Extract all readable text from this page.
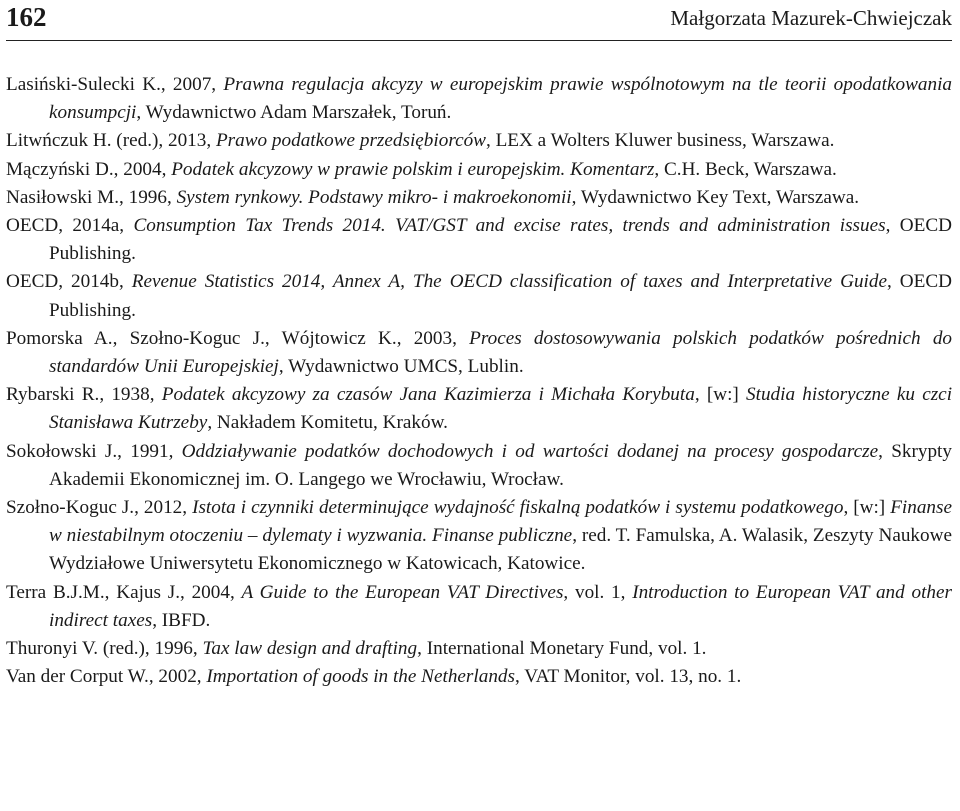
162	Małgorzata Mazurek-Chwiejczak

Lasiński-Sulecki K., 2007, Prawna regulacja akcyzy w europejskim prawie wspólnotowym na tle teorii opodatkowania konsumpcji, Wydawnictwo Adam Marszałek, Toruń.

Litwńczuk H. (red.), 2013, Prawo podatkowe przedsiębiorców, LEX a Wolters Kluwer business, Warszawa.

Mączyński D., 2004, Podatek akcyzowy w prawie polskim i europejskim. Komentarz, C.H. Beck, Warszawa.

Nasiłowski M., 1996, System rynkowy. Podstawy mikro- i makroekonomii, Wydawnictwo Key Text, Warszawa.

OECD, 2014a, Consumption Tax Trends 2014. VAT/GST and excise rates, trends and administration issues, OECD Publishing.

OECD, 2014b, Revenue Statistics 2014, Annex A, The OECD classification of taxes and Interpretative Guide, OECD Publishing.

Pomorska A., Szołno-Koguc J., Wójtowicz K., 2003, Proces dostosowywania polskich podatków pośrednich do standardów Unii Europejskiej, Wydawnictwo UMCS, Lublin.

Rybarski R., 1938, Podatek akcyzowy za czasów Jana Kazimierza i Michała Korybuta, [w:] Studia historyczne ku czci Stanisława Kutrzeby, Nakładem Komitetu, Kraków.

Sokołowski J., 1991, Oddziaływanie podatków dochodowych i od wartości dodanej na procesy gospodarcze, Skrypty Akademii Ekonomicznej im. O. Langego we Wrocławiu, Wrocław.

Szołno-Koguc J., 2012, Istota i czynniki determinujące wydajność fiskalną podatków i systemu podatkowego, [w:] Finanse w niestabilnym otoczeniu – dylematy i wyzwania. Finanse publiczne, red. T. Famulska, A. Walasik, Zeszyty Naukowe Wydziałowe Uniwersytetu Ekonomicznego w Katowicach, Katowice.

Terra B.J.M., Kajus J., 2004, A Guide to the European VAT Directives, vol. 1, Introduction to European VAT and other indirect taxes, IBFD.

Thuronyi V. (red.), 1996, Tax law design and drafting, International Monetary Fund, vol. 1.

Van der Corput W., 2002, Importation of goods in the Netherlands, VAT Monitor, vol. 13, no. 1.
